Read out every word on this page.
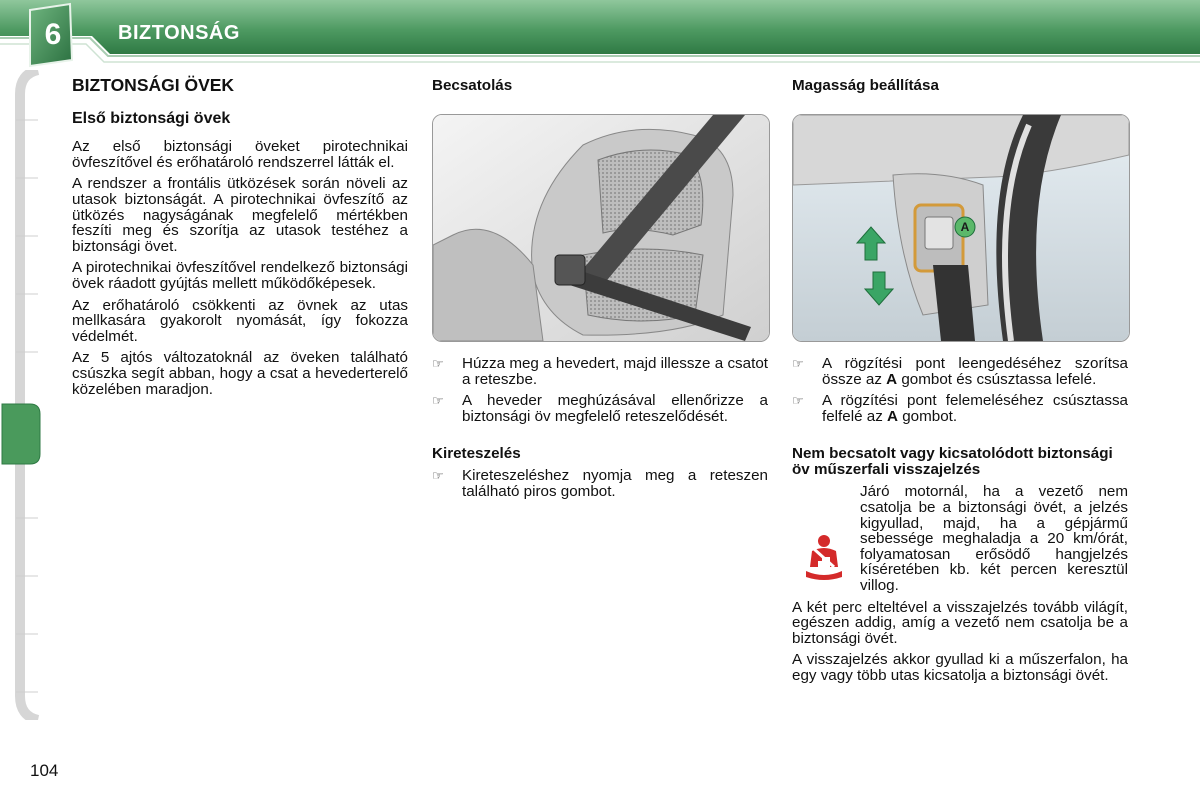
6	BIZTONSÁG
BIZTONSÁGI ÖVEK
Első biztonsági övek

Az első biztonsági öveket pirotechnikai övfeszítővel és erőhatároló rendszerrel látták el.

A rendszer a frontális ütközések során növeli az utasok biztonságát. A pirotechnikai övfeszítő az ütközés nagyságának megfelelő mértékben feszíti meg és szorítja az utasok testéhez a biztonsági övet.

A pirotechnikai övfeszítővel rendelkező biztonsági övek ráadott gyújtás mellett működőképesek.

Az erőhatároló csökkenti az övnek az utas mellkasára gyakorolt nyomását, így fokozza védelmét.

Az 5 ajtós változatoknál az öveken található csúszka segít abban, hogy a csat a hevederterelő közelében maradjon.

Becsatolás
☞	Húzza meg a hevedert, majd illessze a csatot a reteszbe.
☞	A heveder meghúzásával ellenőrizze a biztonsági öv megfelelő reteszelődését.
Kireteszelés
☞	Kireteszeléshez nyomja meg a reteszen található piros gombot.
Magasság beállítása
A
☞	A rögzítési pont leengedéséhez szorítsa össze az A gombot és csúsztassa lefelé.
☞	A rögzítési pont felemeléséhez csúsztassa felfelé az A gombot.
Nem becsatolt vagy kicsatolódott biztonsági öv műszerfali visszajelzés

Járó motornál, ha a vezető nem csatolja be a biztonsági övét, a jelzés kigyullad, majd, ha a gépjármű sebessége meghaladja a 20 km/órát, folyamatosan erősödő hangjelzés kíséretében kb. két percen keresztül villog.

A két perc elteltével a visszajelzés tovább világít, egészen addig, amíg a vezető nem csatolja be a biztonsági övét.

A visszajelzés akkor gyullad ki a műszerfalon, ha egy vagy több utas kicsatolja a biztonsági övét.

104
